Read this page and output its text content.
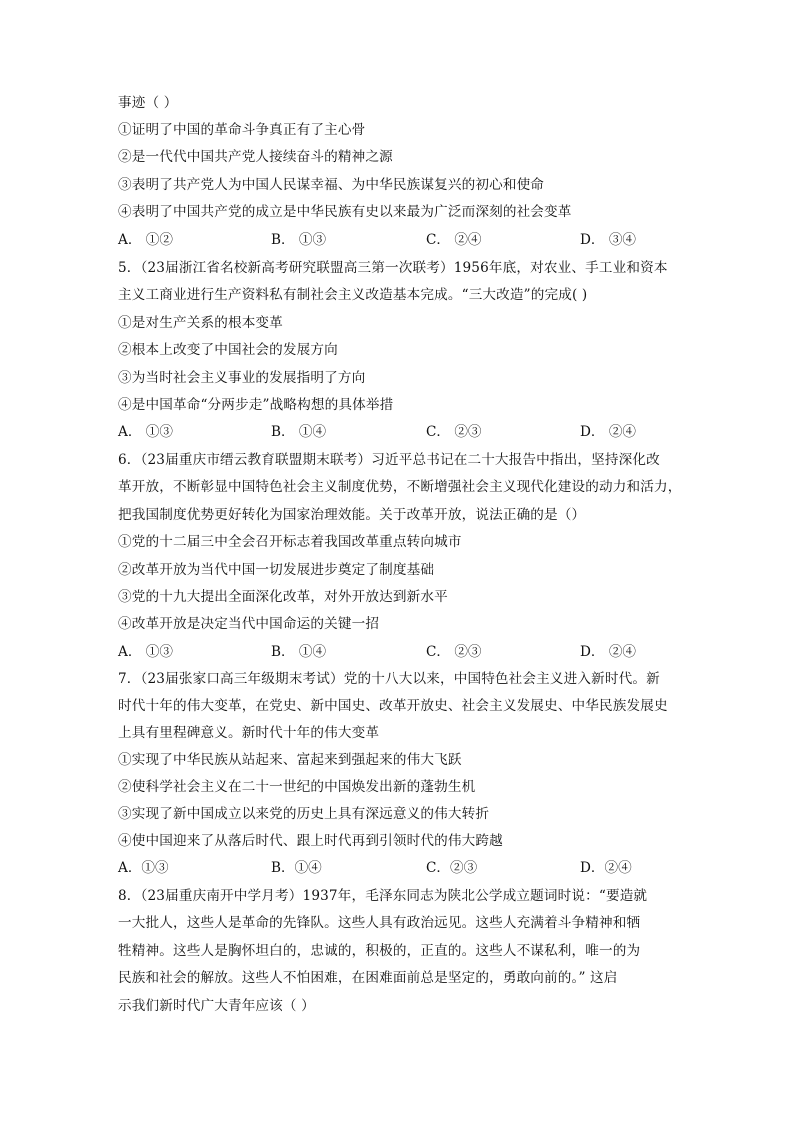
事迹（ ）
①证明了中国的革命斗争真正有了主心骨
②是一代代中国共产党人接续奋斗的精神之源
③表明了共产党人为中国人民谋幸福、为中华民族谋复兴的初心和使命
④表明了中国共产党的成立是中华民族有史以来最为广泛而深刻的社会变革
A． ①②	B． ①③	C． ②④	D． ③④
5．（23届浙江省名校新高考研究联盟高三第一次联考）1956年底，对农业、手工业和资本
主义工商业进行生产资料私有制社会主义改造基本完成。“三大改造”的完成( )
①是对生产关系的根本变革
②根本上改变了中国社会的发展方向
③为当时社会主义事业的发展指明了方向
④是中国革命“分两步走”战略构想的具体举措
A． ①③	B． ①④	C． ②③	D． ②④
6．（23届重庆市缙云教育联盟期末联考）习近平总书记在二十大报告中指出，坚持深化改
革开放，不断彰显中国特色社会主义制度优势，不断增强社会主义现代化建设的动力和活力，
把我国制度优势更好转化为国家治理效能。关于改革开放，说法正确的是（）
①党的十二届三中全会召开标志着我国改革重点转向城市
②改革开放为当代中国一切发展进步奠定了制度基础
③党的十九大提出全面深化改革，对外开放达到新水平
④改革开放是决定当代中国命运的关键一招
A． ①③	B． ①④	C． ②③	D． ②④
7．（23届张家口高三年级期末考试）党的十八大以来，中国特色社会主义进入新时代。新
时代十年的伟大变革，在党史、新中国史、改革开放史、社会主义发展史、中华民族发展史
上具有里程碑意义。新时代十年的伟大变革
①实现了中华民族从站起来、富起来到强起来的伟大飞跃
②使科学社会主义在二十一世纪的中国焕发出新的蓬勃生机
③实现了新中国成立以来党的历史上具有深远意义的伟大转折
④使中国迎来了从落后时代、跟上时代再到引领时代的伟大跨越
A．①③	B．①④	C．②③	D．②④
8．（23届重庆南开中学月考）1937年，毛泽东同志为陕北公学成立题词时说：“要造就
一大批人，这些人是革命的先锋队。这些人具有政治远见。这些人充满着斗争精神和牺
牲精神。这些人是胸怀坦白的，忠诚的，积极的，正直的。这些人不谋私利，唯一的为
民族和社会的解放。这些人不怕困难，在困难面前总是坚定的，勇敢向前的。” 这启
示我们新时代广大青年应该（ ）
